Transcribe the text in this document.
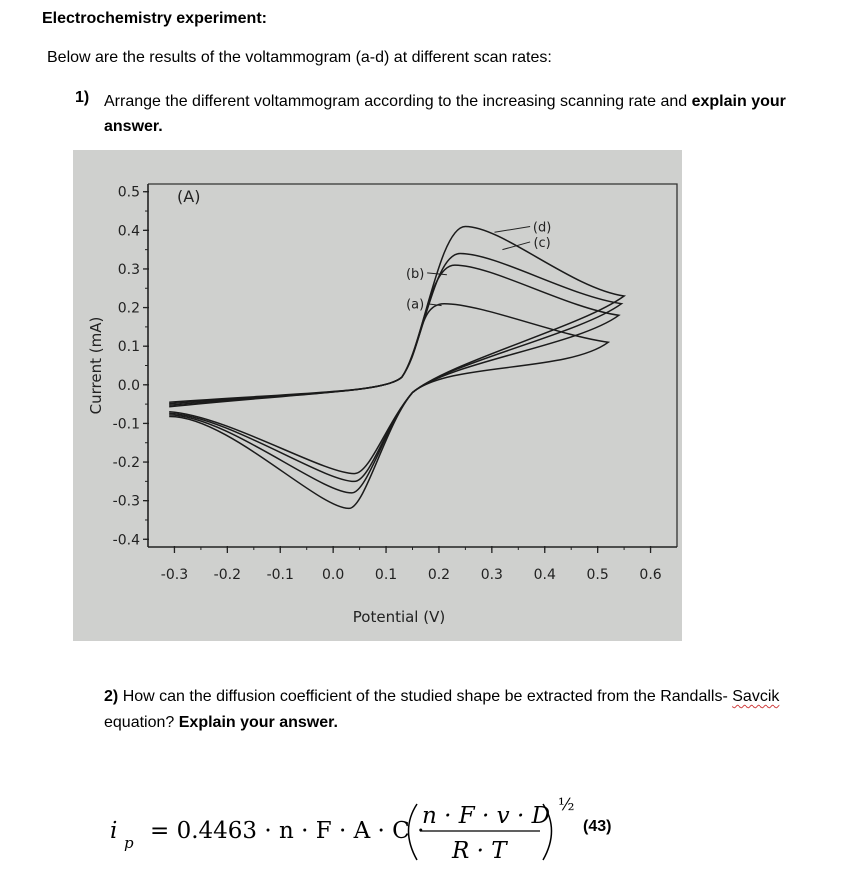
Electrochemistry experiment:
Below are the results of the voltammogram (a-d) at different scan rates:
1) Arrange the different voltammogram according to the increasing scanning rate and explain your answer.
0.5
0.4
0.3
0.2
0.1
0.0
-0.1
-0.2
-0.3
-0.4
-0.3 -0.2 -0.1 0.0 0.1 0.2 0.3 0.4 0.5 0.6
Potential (V)
Current (mA)
(A)
(a)
(b)
(c)
(d)
2) How can the diffusion coefficient of the studied shape be extracted from the Randalls- Savcik equation? Explain your answer.
i p = 0.4463 · n · F · A · C ·
n · F · v · D
R · T
½
(43)
